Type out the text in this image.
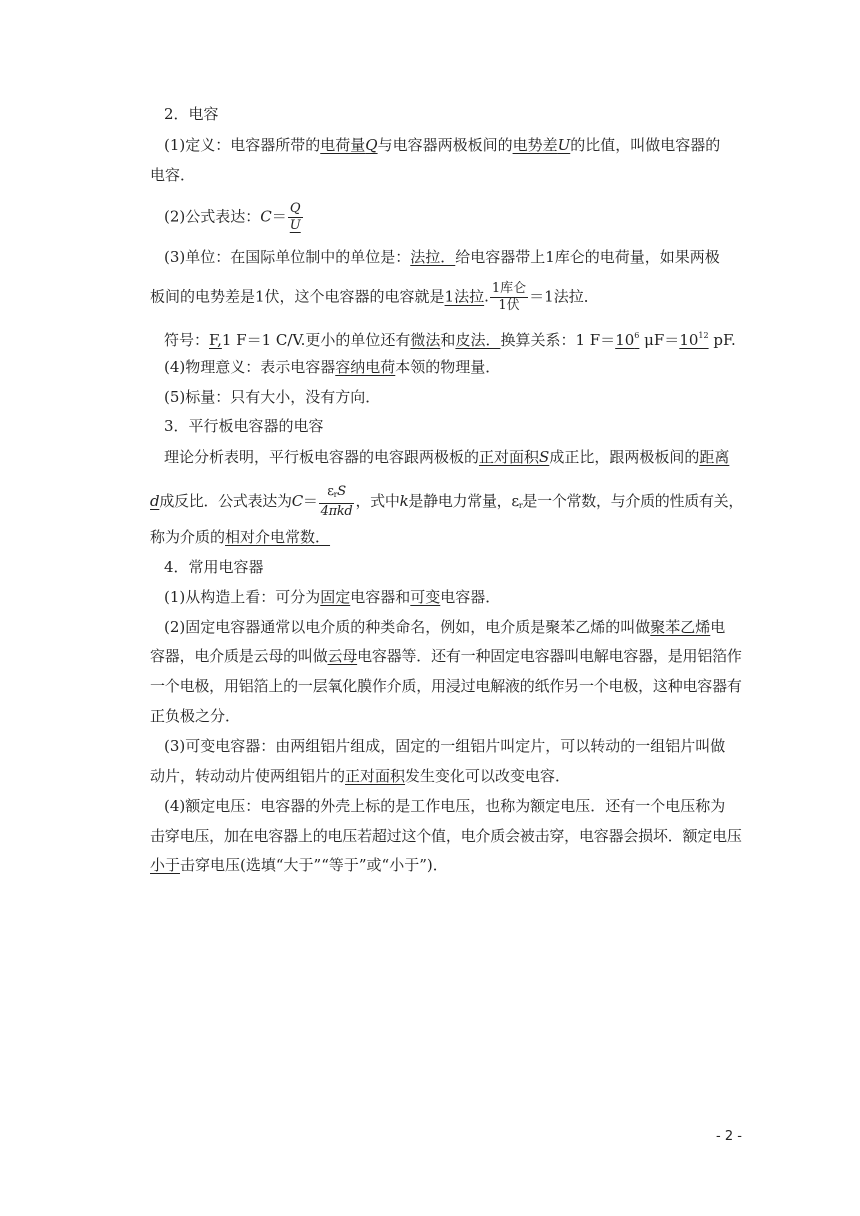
2．电容
(1)定义：电容器所带的电荷量Q与电容器两极板间的电势差U的比值，叫做电容器的
电容．
(2)公式表达：$C= \frac{Q}{U}$
(3)单位：在国际单位制中的单位是：法拉．给电容器带上1库仑的电荷量，如果两极
板间的电势差是1伏，这个电容器的电容就是1法拉. $\frac{\text{1库仑}}{\text{1伏}} =1$法拉．
符号：F,1 F＝1 C/V.更小的单位还有微法和皮法．换算关系：1 $F=10^6$ $\mu F=10^{12}$ pF.
(4)物理意义：表示电容器容纳电荷本领的物理量．
(5)标量：只有大小，没有方向．
3．平行板电容器的电容
理论分析表明，平行板电容器的电容跟两极板的正对面积S成正比，跟两极板间的距离
d成反比．公式表达为$C= \frac{\varepsilon_rS}{\text{4πkd}}$ ，式中k是静电力常量，$\varepsilon_r$是一个常数，与介质的性质有关，
称为介质的相对介电常数．
4．常用电容器
(1)从构造上看：可分为固定电容器和可变电容器．
(2)固定电容器通常以电介质的种类命名，例如，电介质是聚苯乙烯的叫做聚苯乙烯电
容器，电介质是云母的叫做云母电容器等．还有一种固定电容器叫电解电容器，是用铝箔作
一个电极，用铝箔上的一层氧化膜作介质，用浸过电解液的纸作另一个电极，这种电容器有
正负极之分．
(3)可变电容器：由两组铝片组成，固定的一组铝片叫定片，可以转动的一组铝片叫做
动片，转动动片使两组铝片的正对面积发生变化可以改变电容．
(4)额定电压：电容器的外壳上标的是工作电压，也称为额定电压．还有一个电压称为
击穿电压，加在电容器上的电压若超过这个值，电介质会被击穿，电容器会损坏．额定电压
小于击穿电压(选填“大于”“等于”或“小于”)．
- 2 -
